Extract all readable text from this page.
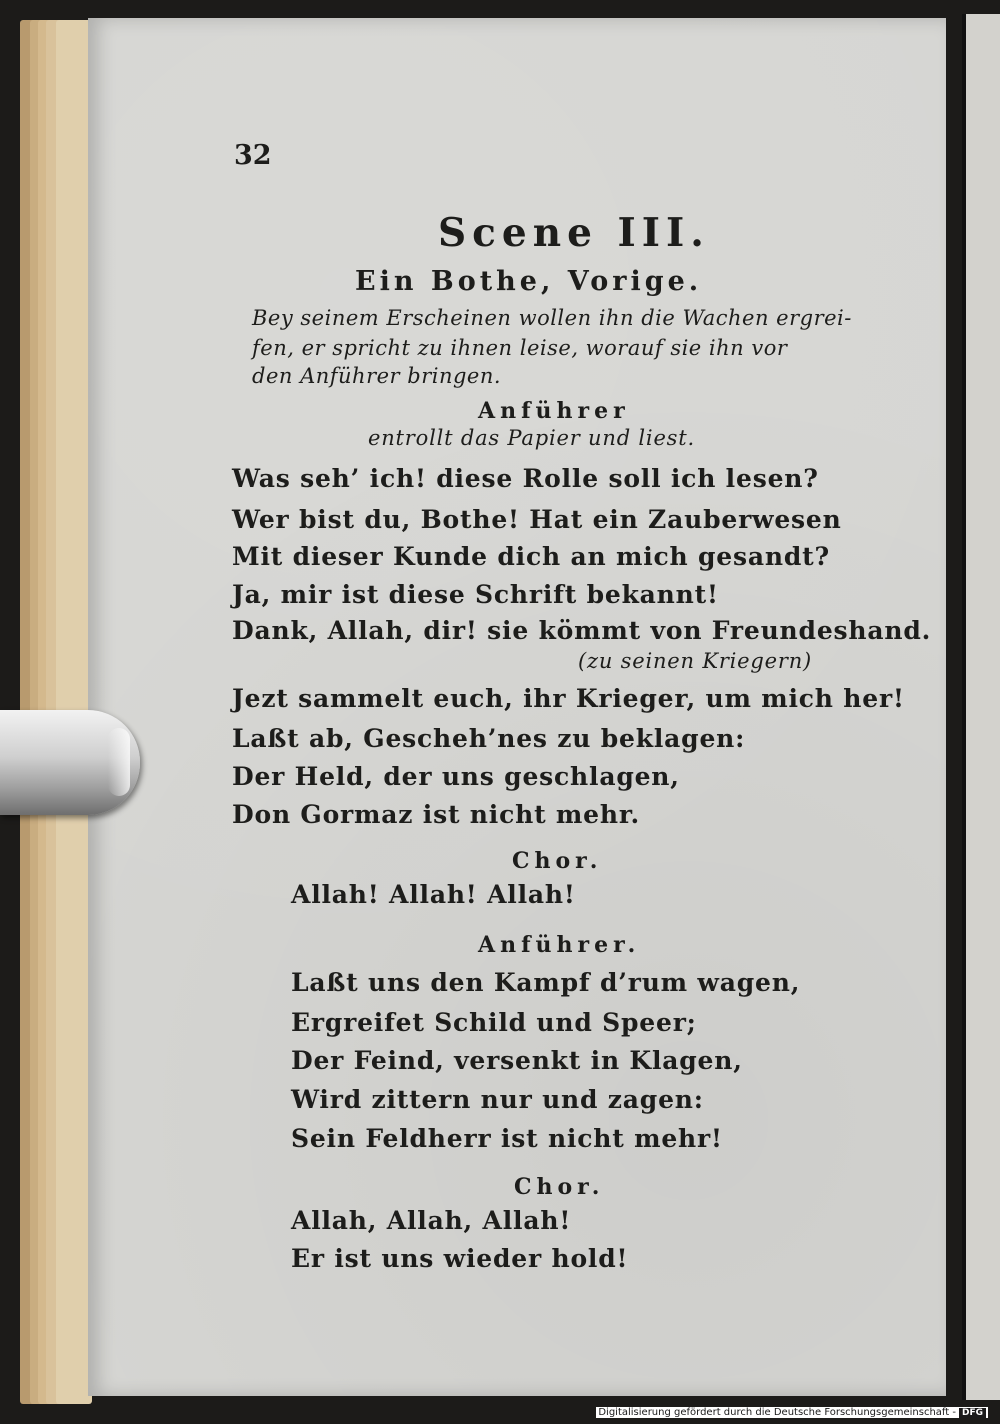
32

Scene III.

Ein Bothe, Vorige.

Bey seinem Erscheinen wollen ihn die Wachen ergrei-

fen, er spricht zu ihnen leise, worauf sie ihn vor

den Anführer bringen.

Anführer

entrollt das Papier und liest.

Was seh’ ich! diese Rolle soll ich lesen?

Wer bist du, Bothe! Hat ein Zauberwesen

Mit dieser Kunde dich an mich gesandt?

Ja, mir ist diese Schrift bekannt!

Dank, Allah, dir! sie kömmt von Freundeshand.

(zu seinen Kriegern)

Jezt sammelt euch, ihr Krieger, um mich her!

Laßt ab, Gescheh’nes zu beklagen:

Der Held, der uns geschlagen,

Don Gormaz ist nicht mehr.

Chor.

Allah! Allah! Allah!

Anführer.

Laßt uns den Kampf d’rum wagen,

Ergreifet Schild und Speer;

Der Feind, versenkt in Klagen,

Wird zittern nur und zagen:

Sein Feldherr ist nicht mehr!

Chor.

Allah, Allah, Allah!

Er ist uns wieder hold!

Digitalisierung gefördert durch die Deutsche Forschungsgemeinschaft - DFG
